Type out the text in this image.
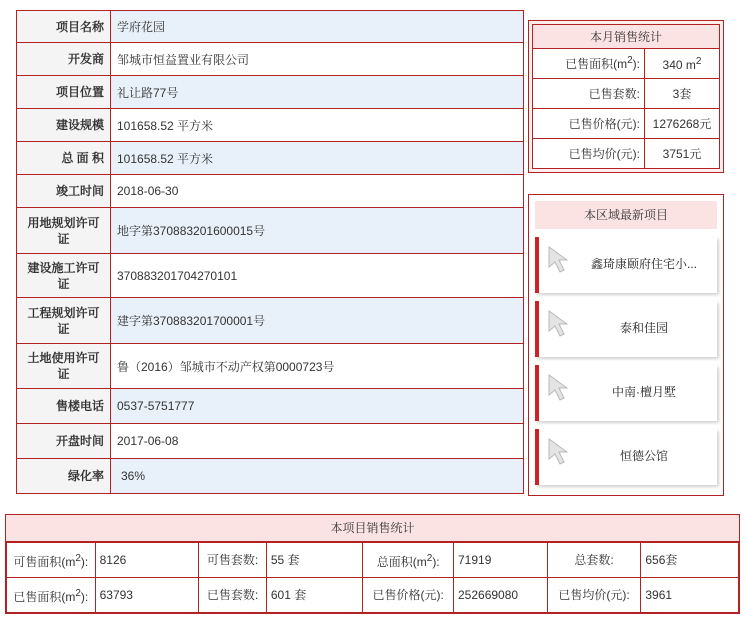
项目名称	学府花园
开发商	邹城市恒益置业有限公司
项目位置	礼让路77号
建设规模	101658.52 平方米
总 面 积	101658.52 平方米
竣工时间	2018-06-30

用地规划许可证	地字第370883201600015号

建设施工许可证	370883201704270101

工程规划许可证	建字第370883201700001号

土地使用许可证	鲁（2016）邹城市不动产权第0000723号
售楼电话	0537-5751777
开盘时间	2017-06-08
绿化率	36%
本月销售统计
已售面积$(m^2)$:	340 $m^2$
已售套数:	3套
已售价格(元):	1276268元
已售均价(元):	3751元
本区域最新项目
鑫琦康颐府住宅小...
泰和佳园
中南·檀月墅
恒德公馆
本项目销售统计
可售面积$(m^2)$:	8126	可售套数:	55 套	总面积$(m^2)$:	71919	总套数:	656套
已售面积$(m^2)$:	63793	已售套数:	601 套	已售价格(元):	252669080	已售均价(元):	3961
